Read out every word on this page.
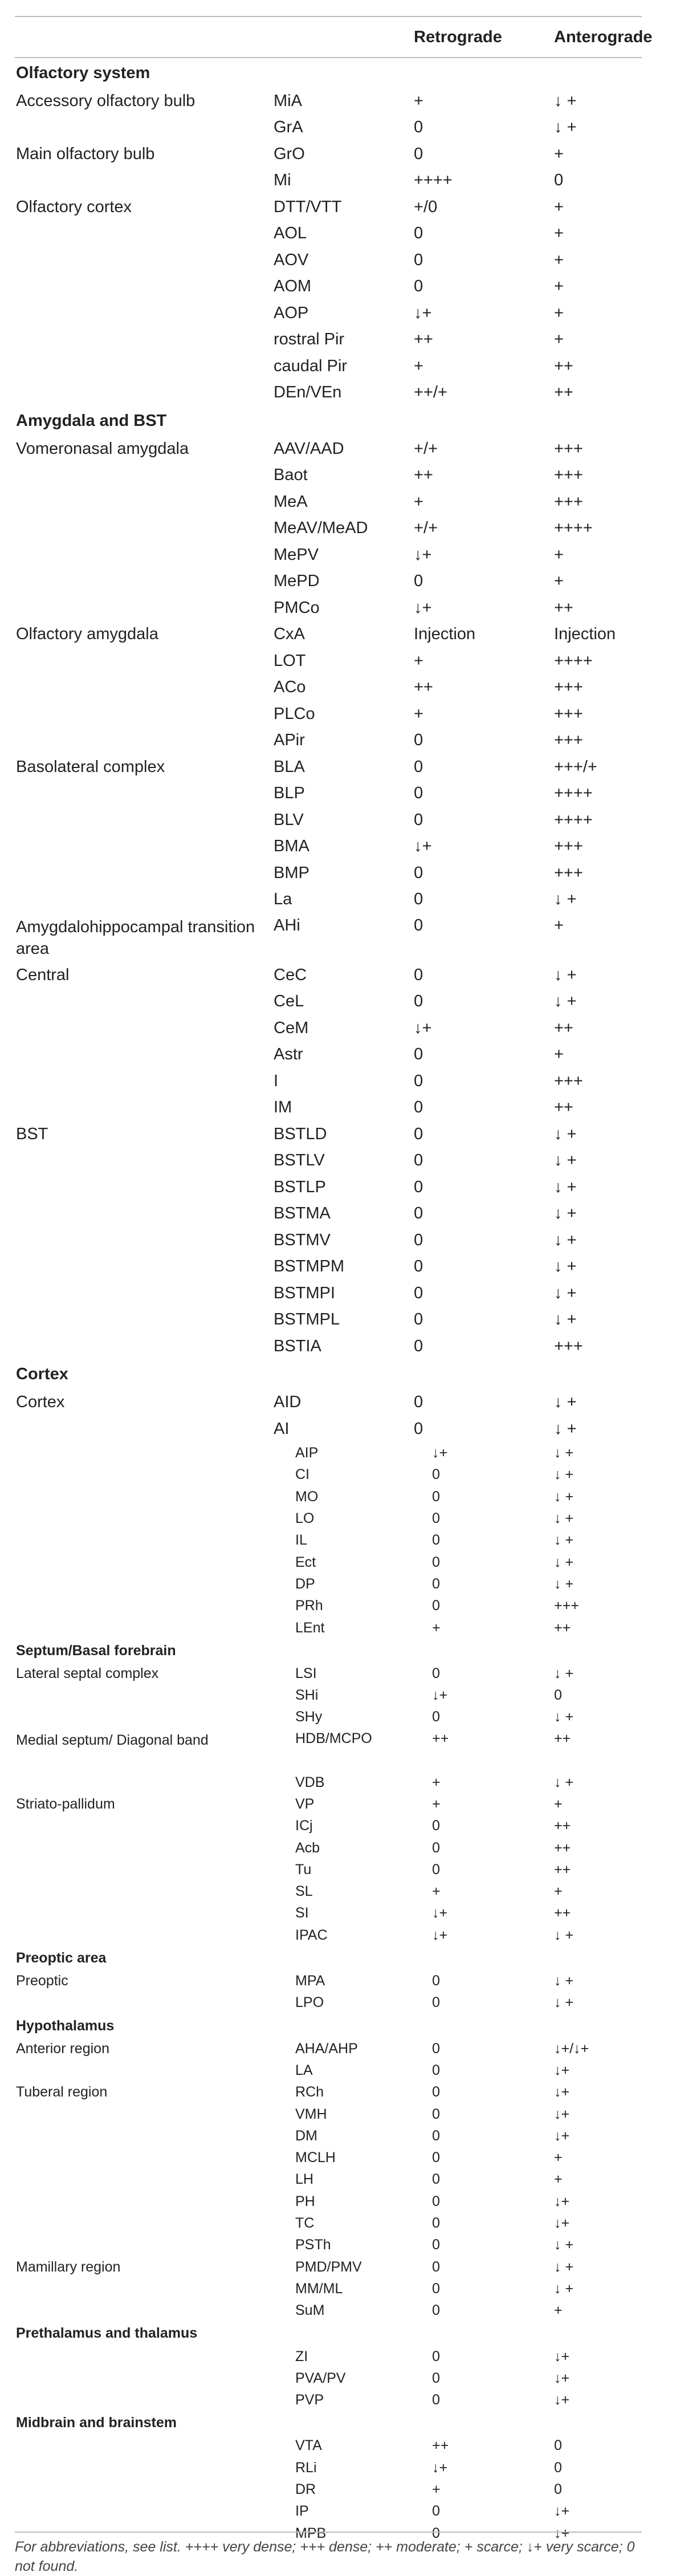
Retrograde	Anterograde
Olfactory system
Accessory olfactory bulb	MiA	+	↓ +
GrA	0	↓ +
Main olfactory bulb	GrO	0	+
Mi	++++	0
Olfactory cortex	DTT/VTT	+/0	+
AOL	0	+
AOV	0	+
AOM	0	+
AOP	↓+	+
rostral Pir	++	+
caudal Pir	+	++
DEn/VEn	++/+	++
Amygdala and BST
Vomeronasal amygdala	AAV/AAD	+/+	+++
Baot	++	+++
MeA	+	+++
MeAV/MeAD	+/+	++++
MePV	↓+	+
MePD	0	+
PMCo	↓+	++
Olfactory amygdala	CxA	Injection	Injection
LOT	+	++++
ACo	++	+++
PLCo	+	+++
APir	0	+++
Basolateral complex	BLA	0	+++/+
BLP	0	++++
BLV	0	++++
BMA	↓+	+++
BMP	0	+++
La	0	↓ +
Amygdalohippocampal transition area
AHi	0	+
Central	CeC	0	↓ +
CeL	0	↓ +
CeM	↓+	++
Astr	0	+
I	0	+++
IM	0	++
BST	BSTLD	0	↓ +
BSTLV	0	↓ +
BSTLP	0	↓ +
BSTMA	0	↓ +
BSTMV	0	↓ +
BSTMPM	0	↓ +
BSTMPI	0	↓ +
BSTMPL	0	↓ +
BSTIA	0	+++
Cortex
Cortex	AID	0	↓ +
AI	0	↓ +
AIP	↓+	↓ +
CI	0	↓ +
MO	0	↓ +
LO	0	↓ +
IL	0	↓ +
Ect	0	↓ +
DP	0	↓ +
PRh	0	+++
LEnt	+	++
Septum/Basal forebrain
Lateral septal complex	LSI	0	↓ +
SHi	↓+	0
SHy	0	↓ +
Medial septum/ Diagonal band	HDB/MCPO	++	++
VDB	+	↓ +
Striato-pallidum	VP	+	+
ICj	0	++
Acb	0	++
Tu	0	++
SL	+	+
SI	↓+	++
IPAC	↓+	↓ +
Preoptic area
Preoptic	MPA	0	↓ +
LPO	0	↓ +
Hypothalamus
Anterior region	AHA/AHP	0	↓+/↓+
LA	0	↓+
Tuberal region	RCh	0	↓+
VMH	0	↓+
DM	0	↓+
MCLH	0	+
LH	0	+
PH	0	↓+
TC	0	↓+
PSTh	0	↓ +
Mamillary region	PMD/PMV	0	↓ +
MM/ML	0	↓ +
SuM	0	+
Prethalamus and thalamus
ZI	0	↓+
PVA/PV	0	↓+
PVP	0	↓+
Midbrain and brainstem
VTA	++	0
RLi	↓+	0
DR	+	0
IP	0	↓+
MPB	0	↓+
For abbreviations, see list. ++++ very dense; +++ dense; ++ moderate; + scarce; ↓+ very scarce; 0 not found.
